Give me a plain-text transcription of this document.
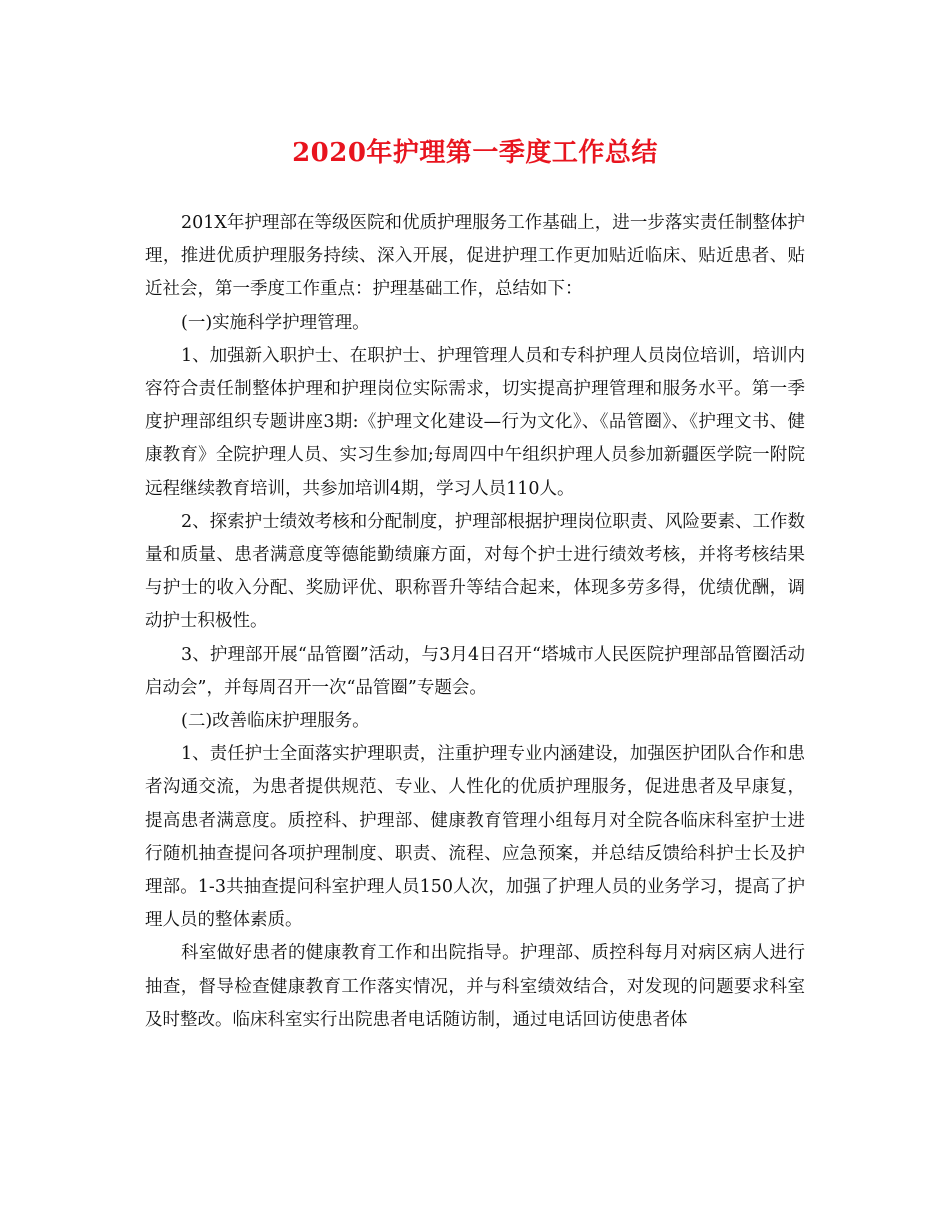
2020年护理第一季度工作总结

201X年护理部在等级医院和优质护理服务工作基础上，进一步落实责任制整体护理，推进优质护理服务持续、深入开展，促进护理工作更加贴近临床、贴近患者、贴近社会，第一季度工作重点：护理基础工作，总结如下：

(一)实施科学护理管理。

1、加强新入职护士、在职护士、护理管理人员和专科护理人员岗位培训，培训内容符合责任制整体护理和护理岗位实际需求，切实提高护理管理和服务水平。第一季度护理部组织专题讲座3期:《护理文化建设—行为文化》、《品管圈》、《护理文书、健康教育》全院护理人员、实习生参加;每周四中午组织护理人员参加新疆医学院一附院远程继续教育培训，共参加培训4期，学习人员110人。

2、探索护士绩效考核和分配制度，护理部根据护理岗位职责、风险要素、工作数量和质量、患者满意度等德能勤绩廉方面，对每个护士进行绩效考核，并将考核结果与护士的收入分配、奖励评优、职称晋升等结合起来，体现多劳多得，优绩优酬，调动护士积极性。

3、护理部开展“品管圈”活动，与3月4日召开“塔城市人民医院护理部品管圈活动启动会”，并每周召开一次“品管圈”专题会。

(二)改善临床护理服务。

1、责任护士全面落实护理职责，注重护理专业内涵建设，加强医护团队合作和患者沟通交流，为患者提供规范、专业、人性化的优质护理服务，促进患者及早康复，提高患者满意度。质控科、护理部、健康教育管理小组每月对全院各临床科室护士进行随机抽查提问各项护理制度、职责、流程、应急预案，并总结反馈给科护士长及护理部。1-3共抽查提问科室护理人员150人次，加强了护理人员的业务学习，提高了护理人员的整体素质。

科室做好患者的健康教育工作和出院指导。护理部、质控科每月对病区病人进行抽查，督导检查健康教育工作落实情况，并与科室绩效结合，对发现的问题要求科室及时整改。临床科室实行出院患者电话随访制，通过电话回访使患者体
